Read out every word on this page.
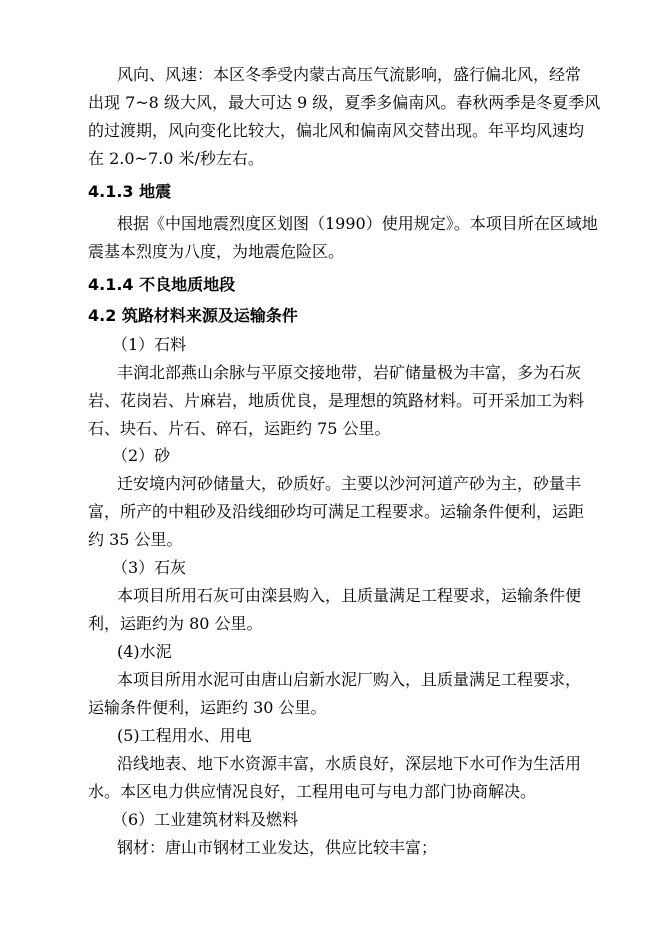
风向、风速：本区冬季受内蒙古高压气流影响，盛行偏北风，经常
出现 7~8 级大风，最大可达 9 级，夏季多偏南风。春秋两季是冬夏季风
的过渡期，风向变化比较大，偏北风和偏南风交替出现。年平均风速均
在 2.0~7.0 米/秒左右。
4.1.3 地震
根据《中国地震烈度区划图（1990）使用规定》。本项目所在区域地
震基本烈度为八度，为地震危险区。
4.1.4 不良地质地段
4.2 筑路材料来源及运输条件
（1）石料
丰润北部燕山余脉与平原交接地带，岩矿储量极为丰富，多为石灰
岩、花岗岩、片麻岩，地质优良，是理想的筑路材料。可开采加工为料
石、块石、片石、碎石，运距约 75 公里。
（2）砂
迁安境内河砂储量大，砂质好。主要以沙河河道产砂为主，砂量丰
富，所产的中粗砂及沿线细砂均可满足工程要求。运输条件便利，运距
约 35 公里。
（3）石灰
本项目所用石灰可由滦县购入，且质量满足工程要求，运输条件便
利，运距约为 80 公里。
(4)水泥
本项目所用水泥可由唐山启新水泥厂购入，且质量满足工程要求，
运输条件便利，运距约 30 公里。
(5)工程用水、用电
沿线地表、地下水资源丰富，水质良好，深层地下水可作为生活用
水。本区电力供应情况良好，工程用电可与电力部门协商解决。
（6）工业建筑材料及燃料
钢材：唐山市钢材工业发达，供应比较丰富；
